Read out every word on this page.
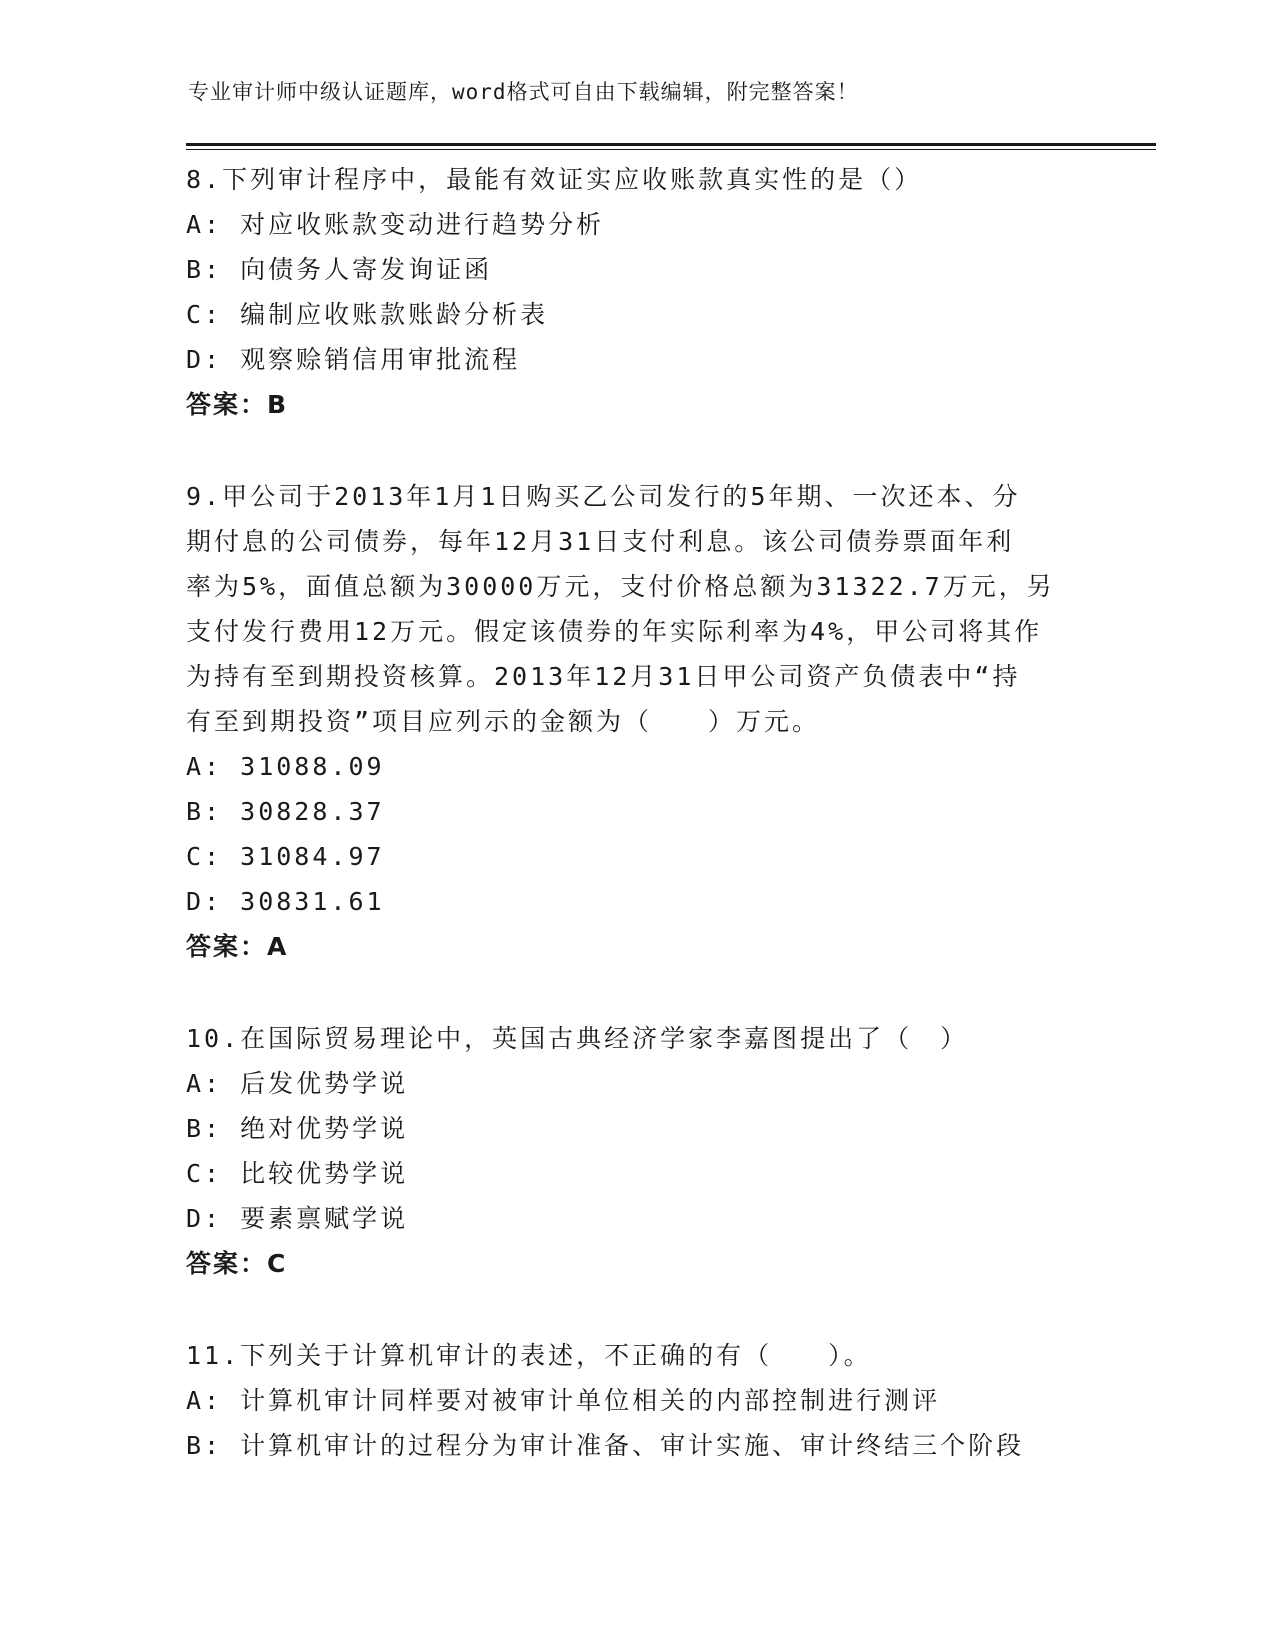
专业审计师中级认证题库，word格式可自由下载编辑，附完整答案！
8.下列审计程序中，最能有效证实应收账款真实性的是（）
A: 对应收账款变动进行趋势分析
B: 向债务人寄发询证函
C: 编制应收账款账龄分析表
D: 观察赊销信用审批流程
答案：B
9.甲公司于2013年1月1日购买乙公司发行的5年期、一次还本、分
期付息的公司债券，每年12月31日支付利息。该公司债券票面年利
率为5%，面值总额为30000万元，支付价格总额为31322.7万元，另
支付发行费用12万元。假定该债券的年实际利率为4%，甲公司将其作
为持有至到期投资核算。2013年12月31日甲公司资产负债表中“持
有至到期投资”项目应列示的金额为（　　）万元。
A: 31088.09
B: 30828.37
C: 31084.97
D: 30831.61
答案：A
10.在国际贸易理论中，英国古典经济学家李嘉图提出了（　）
A: 后发优势学说
B: 绝对优势学说
C: 比较优势学说
D: 要素禀赋学说
答案：C
11.下列关于计算机审计的表述，不正确的有（　　）。
A: 计算机审计同样要对被审计单位相关的内部控制进行测评
B: 计算机审计的过程分为审计准备、审计实施、审计终结三个阶段
